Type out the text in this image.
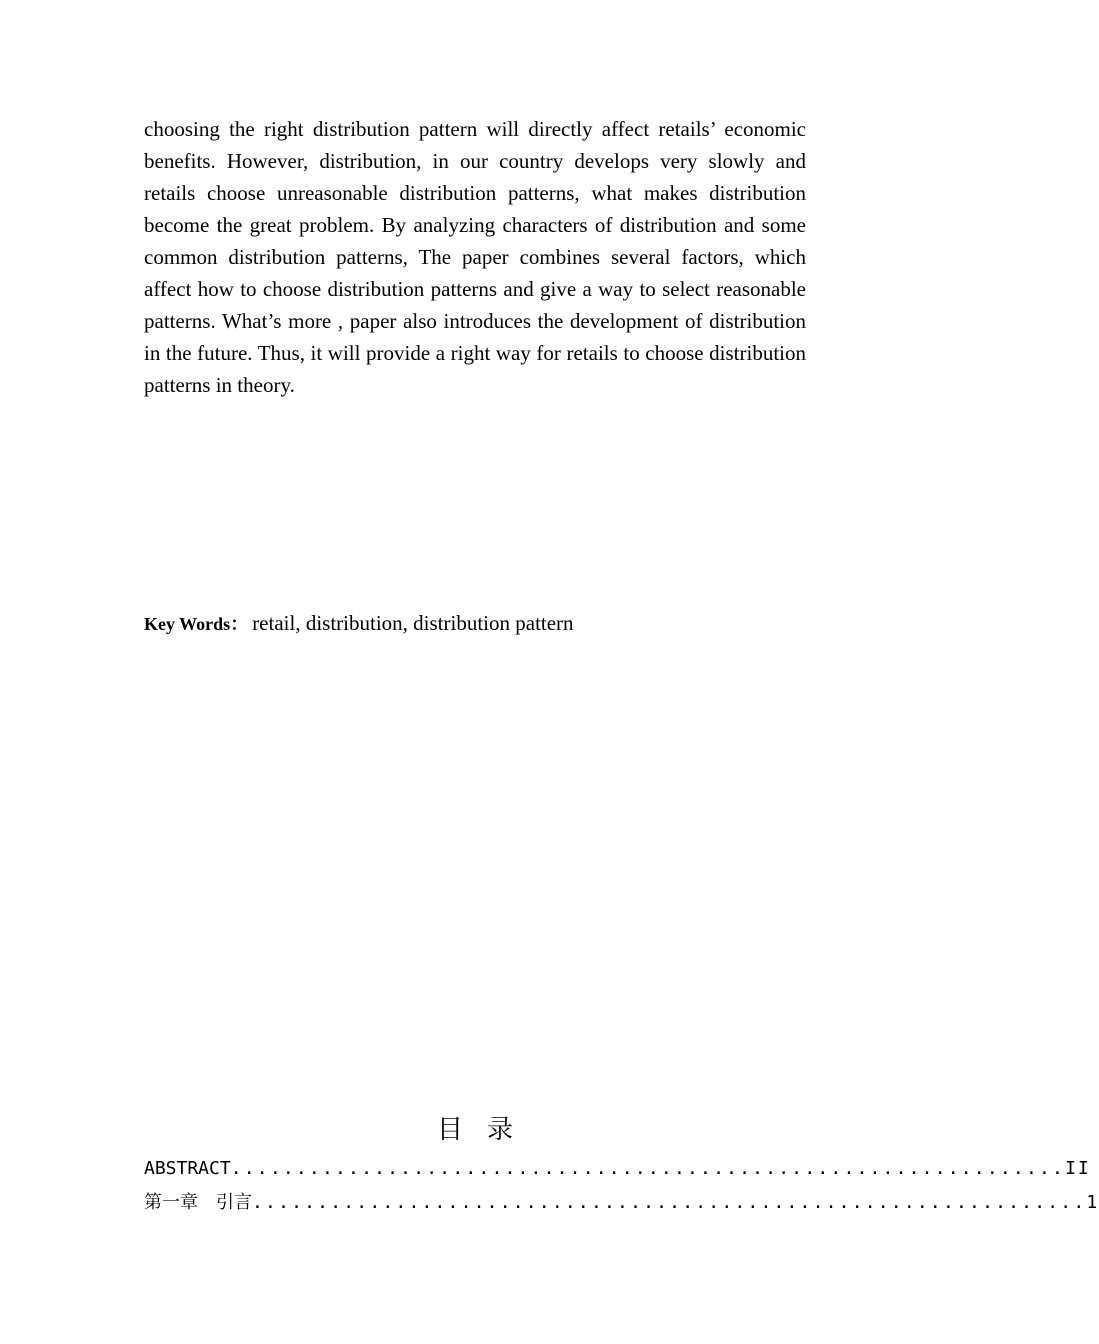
choosing the right distribution pattern will directly affect retails’ economic benefits. However, distribution, in our country develops very slowly and retails choose unreasonable distribution patterns, what makes distribution become the great problem. By analyzing characters of distribution and some common distribution patterns, The paper combines several factors, which affect how to choose distribution patterns and give a way to select reasonable patterns. What’s more , paper also introduces the development of distribution in the future. Thus, it will provide a right way for retails to choose distribution patterns in theory.

Key Words： retail, distribution, distribution pattern
目录
ABSTRACT ................................................................ II
第一章　引言 ................................................................ 1
